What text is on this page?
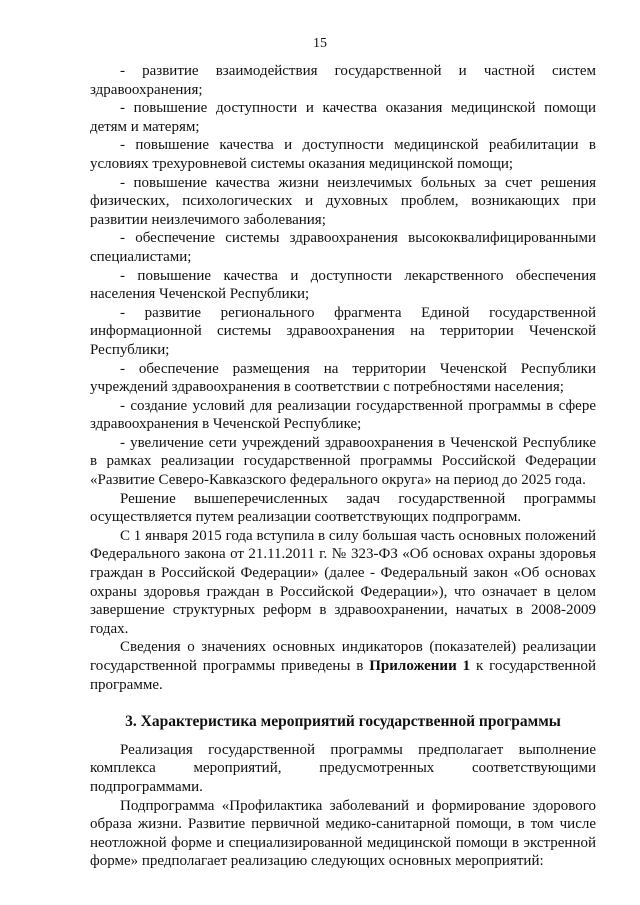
15

- развитие взаимодействия государственной и частной систем здравоохранения;

- повышение доступности и качества оказания медицинской помощи детям и матерям;

- повышение качества и доступности медицинской реабилитации в условиях трехуровневой системы оказания медицинской помощи;

- повышение качества жизни неизлечимых больных за счет решения физических, психологических и духовных проблем, возникающих при развитии неизлечимого заболевания;

- обеспечение системы здравоохранения высококвалифицированными специалистами;

- повышение качества и доступности лекарственного обеспечения населения Чеченской Республики;

- развитие регионального фрагмента Единой государственной информационной системы здравоохранения на территории Чеченской Республики;

- обеспечение размещения на территории Чеченской Республики учреждений здравоохранения в соответствии с потребностями населения;

- создание условий для реализации государственной программы в сфере здравоохранения в Чеченской Республике;

- увеличение сети учреждений здравоохранения в Чеченской Республике в рамках реализации государственной программы Российской Федерации «Развитие Северо-Кавказского федерального округа» на период до 2025 года.

Решение вышеперечисленных задач государственной программы осуществляется путем реализации соответствующих подпрограмм.

С 1 января 2015 года вступила в силу большая часть основных положений Федерального закона от 21.11.2011 г. № 323-ФЗ «Об основах охраны здоровья граждан в Российской Федерации» (далее - Федеральный закон «Об основах охраны здоровья граждан в Российской Федерации»), что означает в целом завершение структурных реформ в здравоохранении, начатых в 2008-2009 годах.

Сведения о значениях основных индикаторов (показателей) реализации государственной программы приведены в Приложении 1 к государственной программе.

3. Характеристика мероприятий государственной программы

Реализация государственной программы предполагает выполнение комплекса мероприятий, предусмотренных соответствующими подпрограммами.

Подпрограмма «Профилактика заболеваний и формирование здорового образа жизни. Развитие первичной медико-санитарной помощи, в том числе неотложной форме и специализированной медицинской помощи в экстренной форме» предполагает реализацию следующих основных мероприятий:
